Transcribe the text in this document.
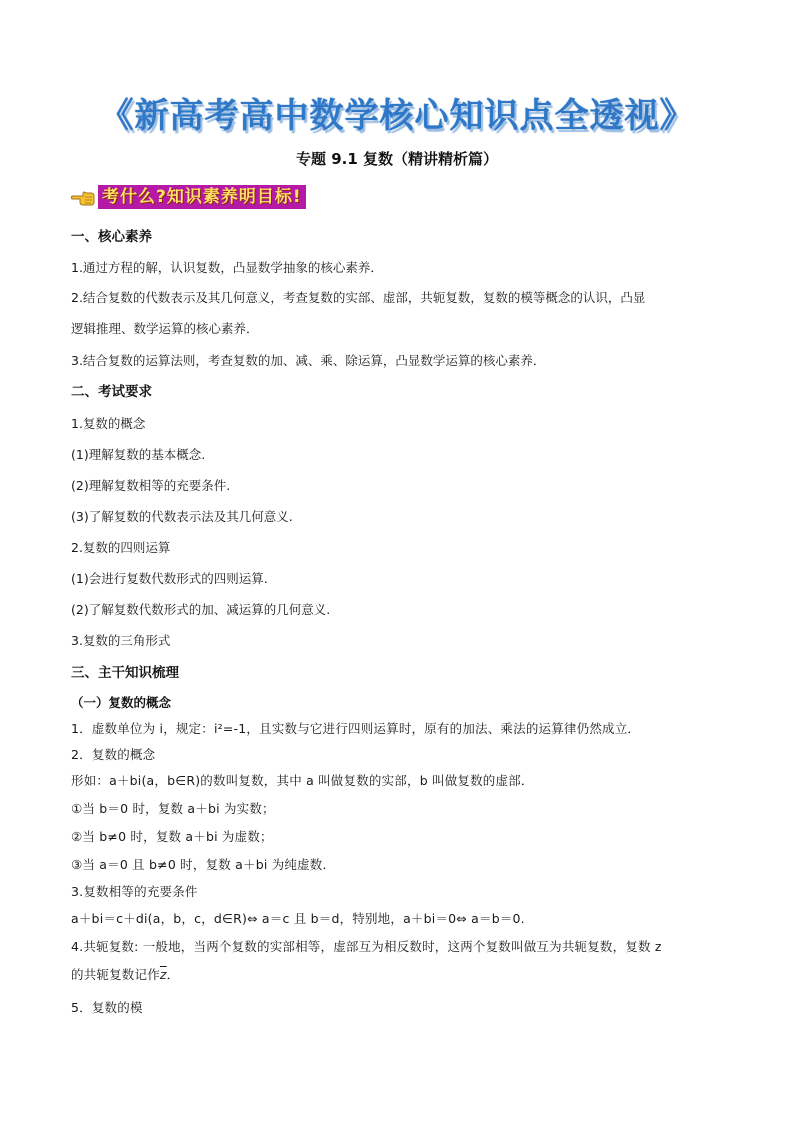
《新高考高中数学核心知识点全透视》
专题 9.1 复数（精讲精析篇）
考什么?知识素养明目标!
一、核心素养
1.通过方程的解，认识复数，凸显数学抽象的核心素养．
2.结合复数的代数表示及其几何意义，考查复数的实部、虚部，共轭复数，复数的模等概念的认识，凸显
逻辑推理、数学运算的核心素养．
3.结合复数的运算法则，考查复数的加、减、乘、除运算，凸显数学运算的核心素养．
二、考试要求
1.复数的概念
(1)理解复数的基本概念.
(2)理解复数相等的充要条件.
(3)了解复数的代数表示法及其几何意义.
2.复数的四则运算
(1)会进行复数代数形式的四则运算.
(2)了解复数代数形式的加、减运算的几何意义.
3.复数的三角形式
三、主干知识梳理
（一）复数的概念
1．虚数单位为 i，规定：i²=-1，且实数与它进行四则运算时，原有的加法、乘法的运算律仍然成立．
2．复数的概念
形如：a＋bi(a，b∈R)的数叫复数，其中 a 叫做复数的实部，b 叫做复数的虚部．
①当 b＝0 时，复数 a＋bi 为实数；
②当 b≠0 时，复数 a＋bi 为虚数；
③当 a＝0 且 b≠0 时，复数 a＋bi 为纯虚数．
3.复数相等的充要条件
a＋bi＝c＋di(a，b，c，d∈R)⇔ a＝c 且 b＝d，特别地，a＋bi＝0⇔ a＝b＝0.
4.共轭复数: 一般地，当两个复数的实部相等，虚部互为相反数时，这两个复数叫做互为共轭复数，复数 z
的共轭复数记作$\overline{z}$．
5．复数的模
